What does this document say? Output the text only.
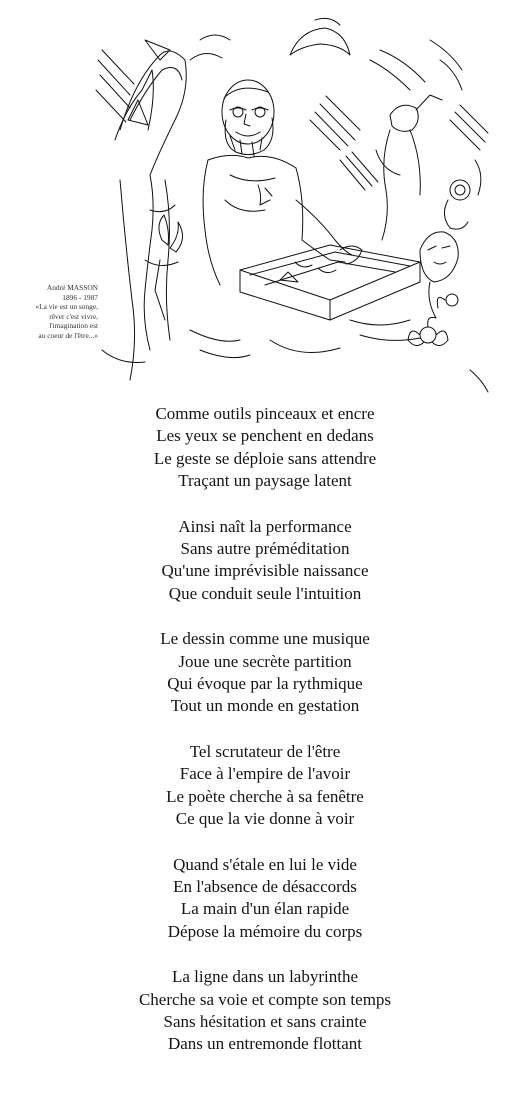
André MASSON
1896 - 1987
«La vie est un songe,
rêver c'est vivre,
l'imagination est
au coeur de l'être...»
Comme outils pinceaux et encre
Les yeux se penchent en dedans
Le geste se déploie sans attendre
Traçant un paysage latent
Ainsi naît la performance
Sans autre préméditation
Qu'une imprévisible naissance
Que conduit seule l'intuition
Le dessin comme une musique
Joue une secrète partition
Qui évoque par la rythmique
Tout un monde en gestation
Tel scrutateur de l'être
Face à l'empire de l'avoir
Le poète cherche à sa fenêtre
Ce que la vie donne à voir
Quand s'étale en lui le vide
En l'absence de désaccords
La main d'un élan rapide
Dépose la mémoire du corps
La ligne dans un labyrinthe
Cherche sa voie et compte son temps
Sans hésitation et sans crainte
Dans un entremonde flottant
